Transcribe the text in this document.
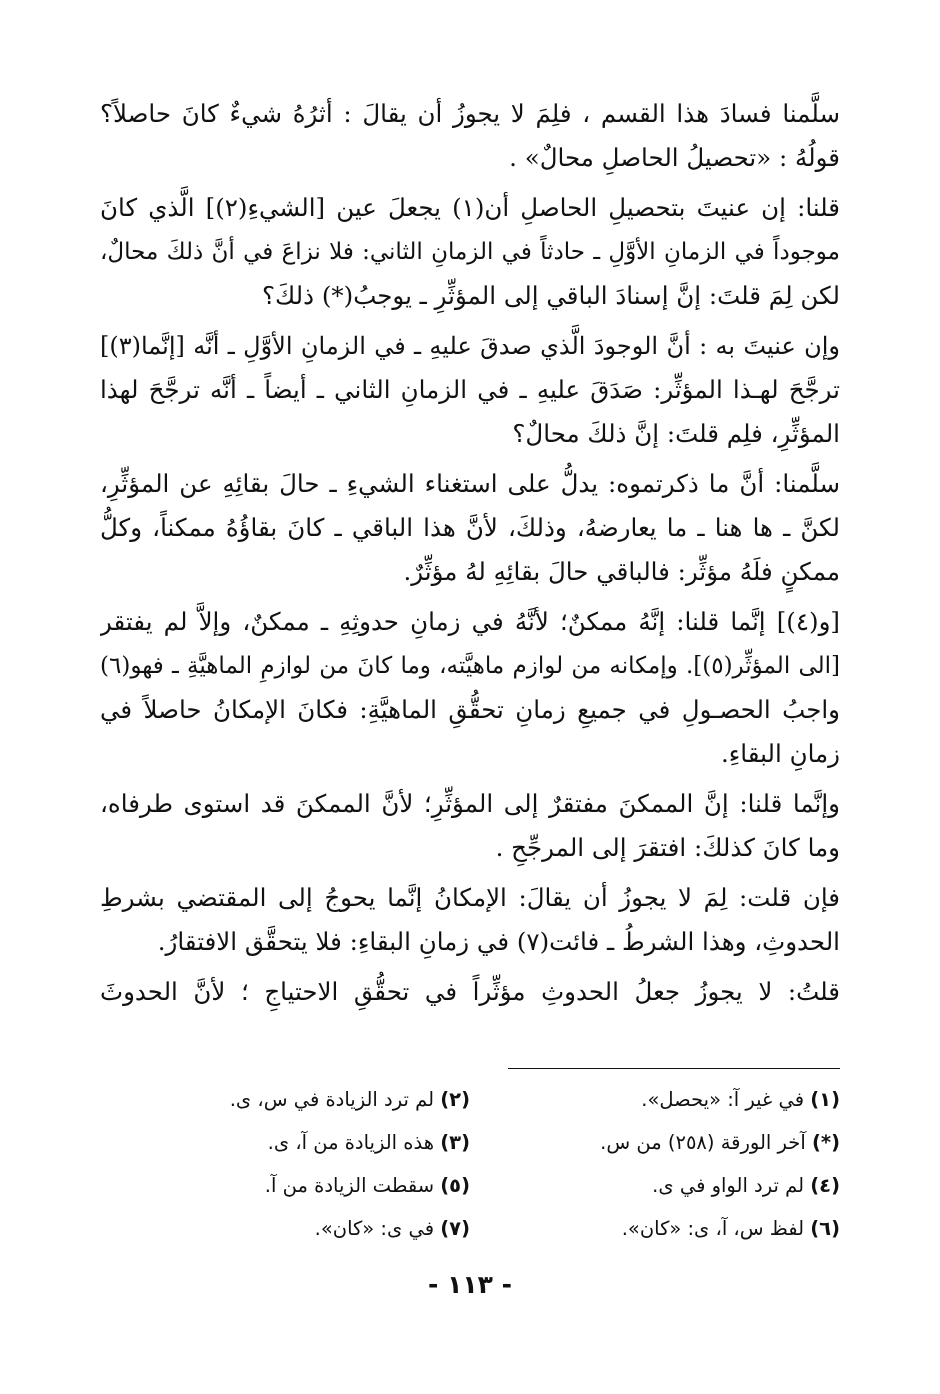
سلَّمنا فسادَ هذا القسم ، فلِمَ لا يجوزُ أن يقالَ : أثرُهُ شيءٌ كانَ حاصلاً؟
قولُهُ : «تحصيلُ الحاصلِ محالٌ» .
قلنا: إن عنيتَ بتحصيلِ الحاصلِ أن(١) يجعلَ عين [الشيءِ(٢)] الَّذي كانَ
موجوداً في الزمانِ الأوَّلِ ـ حادثاً في الزمانِ الثاني: فلا نزاعَ في أنَّ ذلكَ محالٌ،
لكن لِمَ قلتَ: إنَّ إسنادَ الباقي إلى المؤثِّرِ ـ يوجبُ(*) ذلكَ؟
وإن عنيتَ به : أنَّ الوجودَ الَّذي صدقَ عليهِ ـ في الزمانِ الأوَّلِ ـ أنَّه [إنَّما(٣)]
ترجَّحَ لهـذا المؤثِّر: صَدَقَ عليهِ ـ في الزمانِ الثاني ـ أيضاً ـ أنَّه ترجَّحَ لهذا
المؤثِّرِ، فلِم قلتَ: إنَّ ذلكَ محالٌ؟
سلَّمنا: أنَّ ما ذكرتموه: يدلُّ على استغناء الشيءِ ـ حالَ بقائِهِ عن المؤثِّرِ،
لكنَّ ـ ها هنا ـ ما يعارضهُ، وذلكَ، لأنَّ هذا الباقي ـ كانَ بقاؤُهُ ممكناً، وكلُّ
ممكنٍ فلَهُ مؤثِّر: فالباقي حالَ بقائِهِ لهُ مؤثِّرٌ.
[و(٤)] إنَّما قلنا: إنَّهُ ممكنٌ؛ لأنَّهُ في زمانِ حدوثِهِ ـ ممكنٌ، وإلاَّ لم يفتقر
[الى المؤثِّر(٥)]. وإمكانه من لوازم ماهيَّته، وما كانَ من لوازمِ الماهيَّةِ ـ فهو(٦)
واجبُ الحصـولِ في جميعِ زمانِ تحقُّقِ الماهيَّةِ: فكانَ الإمكانُ حاصلاً في
زمانِ البقاءِ.
وإنَّما قلنا: إنَّ الممكنَ مفتقرٌ إلى المؤثِّرِ؛ لأنَّ الممكنَ قد استوى طرفاه،
وما كانَ كذلكَ: افتقرَ إلى المرجِّحِ .
فإن قلت: لِمَ لا يجوزُ أن يقالَ: الإمكانُ إنَّما يحوجُ إلى المقتضي بشرطِ
الحدوثِ، وهذا الشرطُ ـ فائت(٧) في زمانِ البقاءِ: فلا يتحقَّق الافتقارُ.
قلتُ: لا يجوزُ جعلُ الحدوثِ مؤثِّراً في تحقُّقِ الاحتياجِ ؛ لأنَّ الحدوثَ
(١) في غير آ: «يحصل».
(٢) لم ترد الزيادة في س، ى.
(*) آخر الورقة (٢٥٨) من س.
(٣) هذه الزيادة من آ، ى.
(٤) لم ترد الواو في ى.
(٥) سقطت الزيادة من آ.
(٦) لفظ س، آ، ى: «كان».
(٧) في ى: «كان».
- ١١٣ -
